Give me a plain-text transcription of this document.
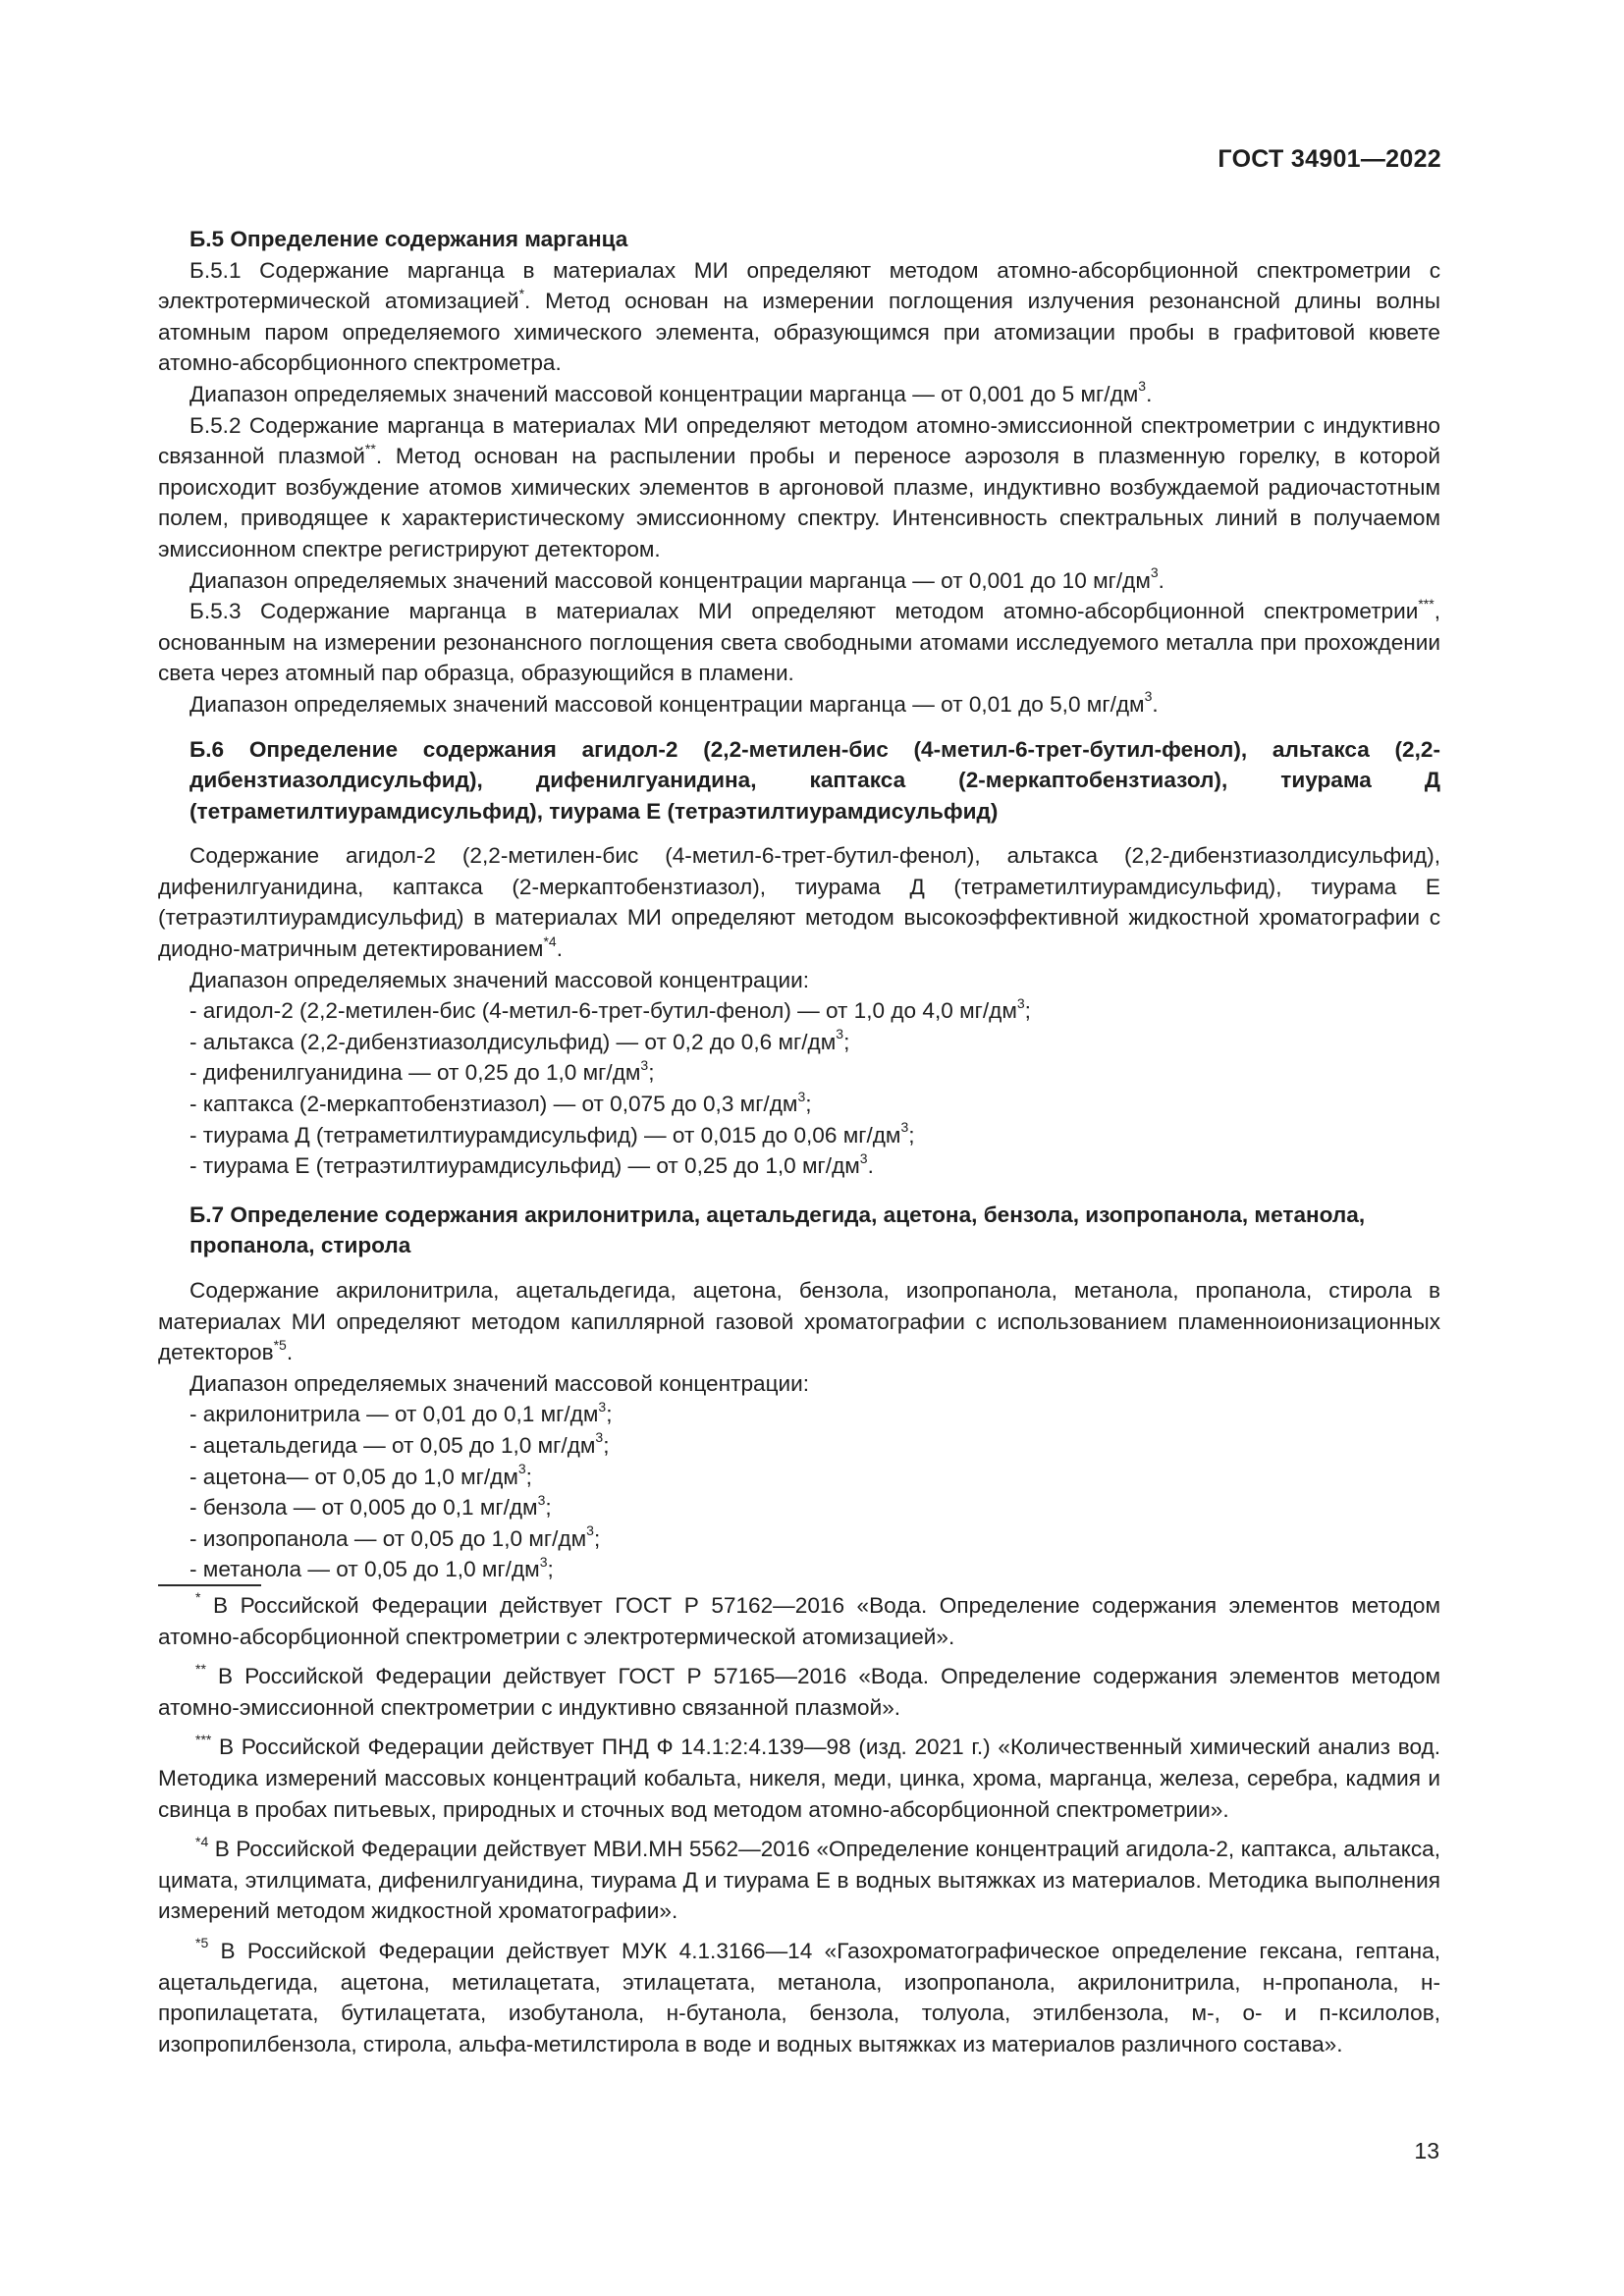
ГОСТ 34901—2022

Б.5 Определение содержания марганца

Б.5.1 Содержание марганца в материалах МИ определяют методом атомно-абсорбционной спектрометрии с электротермической атомизацией*. Метод основан на измерении поглощения излучения резонансной длины волны атомным паром определяемого химического элемента, образующимся при атомизации пробы в графитовой кювете атомно-абсорбционного спектрометра.

Диапазон определяемых значений массовой концентрации марганца — от 0,001 до 5 $мг/дм^3$.

Б.5.2 Содержание марганца в материалах МИ определяют методом атомно-эмиссионной спектрометрии с индуктивно связанной плазмой**. Метод основан на распылении пробы и переносе аэрозоля в плазменную горелку, в которой происходит возбуждение атомов химических элементов в аргоновой плазме, индуктивно возбуждаемой радиочастотным полем, приводящее к характеристическому эмиссионному спектру. Интенсивность спектральных линий в получаемом эмиссионном спектре регистрируют детектором.

Диапазон определяемых значений массовой концентрации марганца — от 0,001 до 10 $мг/дм^3$.

Б.5.3 Содержание марганца в материалах МИ определяют методом атомно-абсорбционной спектрометрии***, основанным на измерении резонансного поглощения света свободными атомами исследуемого металла при прохождении света через атомный пар образца, образующийся в пламени.

Диапазон определяемых значений массовой концентрации марганца — от 0,01 до 5,0 $мг/дм^3$.

Б.6 Определение содержания агидол-2 (2,2-метилен-бис (4-метил-6-трет-бутил-фенол), альтакса (2,2-дибензтиазолдисульфид), дифенилгуанидина, каптакса (2-меркаптобензтиазол), тиурама Д (тетраметилтиурамдисульфид), тиурама Е (тетраэтилтиурамдисульфид)

Содержание агидол-2 (2,2-метилен-бис (4-метил-6-трет-бутил-фенол), альтакса (2,2-дибензтиазолдисульфид), дифенилгуанидина, каптакса (2-меркаптобензтиазол), тиурама Д (тетраметилтиурамдисульфид), тиурама Е (тетраэтилтиурамдисульфид) в материалах МИ определяют методом высокоэффективной жидкостной хроматографии с диодно-матричным детектированием$^{*4}$.

Диапазон определяемых значений массовой концентрации:

- агидол-2 (2,2-метилен-бис (4-метил-6-трет-бутил-фенол) — от 1,0 до 4,0 $мг/дм^3$;

- альтакса (2,2-дибензтиазолдисульфид) — от 0,2 до 0,6 $мг/дм^3$;

- дифенилгуанидина — от 0,25 до 1,0 $мг/дм^3$;

- каптакса (2-меркаптобензтиазол) — от 0,075 до 0,3 $мг/дм^3$;

- тиурама Д (тетраметилтиурамдисульфид) — от 0,015 до 0,06 $мг/дм^3$;

- тиурама Е (тетраэтилтиурамдисульфид) — от 0,25 до 1,0 $мг/дм^3$.

Б.7 Определение содержания акрилонитрила, ацетальдегида, ацетона, бензола, изопропанола, метанола, пропанола, стирола

Содержание акрилонитрила, ацетальдегида, ацетона, бензола, изопропанола, метанола, пропанола, стирола в материалах МИ определяют методом капиллярной газовой хроматографии с использованием пламенноионизационных детекторов$^{*5}$.

Диапазон определяемых значений массовой концентрации:

- акрилонитрила — от 0,01 до 0,1 $мг/дм^3$;

- ацетальдегида — от 0,05 до 1,0 $мг/дм^3$;

- ацетона— от 0,05 до 1,0 $мг/дм^3$;

- бензола — от 0,005 до 0,1 $мг/дм^3$;

- изопропанола — от 0,05 до 1,0 $мг/дм^3$;

- метанола — от 0,05 до 1,0 $мг/дм^3$;

* В Российской Федерации действует ГОСТ Р 57162—2016 «Вода. Определение содержания элементов методом атомно-абсорбционной спектрометрии с электротермической атомизацией».

** В Российской Федерации действует ГОСТ Р 57165—2016 «Вода. Определение содержания элементов методом атомно-эмиссионной спектрометрии с индуктивно связанной плазмой».

*** В Российской Федерации действует ПНД Ф 14.1:2:4.139—98 (изд. 2021 г.) «Количественный химический анализ вод. Методика измерений массовых концентраций кобальта, никеля, меди, цинка, хрома, марганца, железа, серебра, кадмия и свинца в пробах питьевых, природных и сточных вод методом атомно-абсорбционной спектрометрии».

$^{*4}$ В Российской Федерации действует МВИ.МН 5562—2016 «Определение концентраций агидола-2, каптакса, альтакса, цимата, этилцимата, дифенилгуанидина, тиурама Д и тиурама Е в водных вытяжках из материалов. Методика выполнения измерений методом жидкостной хроматографии».

$^{*5}$ В Российской Федерации действует МУК 4.1.3166—14 «Газохроматографическое определение гексана, гептана, ацетальдегида, ацетона, метилацетата, этилацетата, метанола, изопропанола, акрилонитрила, н-пропанола, н-пропилацетата, бутилацетата, изобутанола, н-бутанола, бензола, толуола, этилбензола, м-, о- и п-ксилолов, изопропилбензола, стирола, альфа-метилстирола в воде и водных вытяжках из материалов различного состава».

13
